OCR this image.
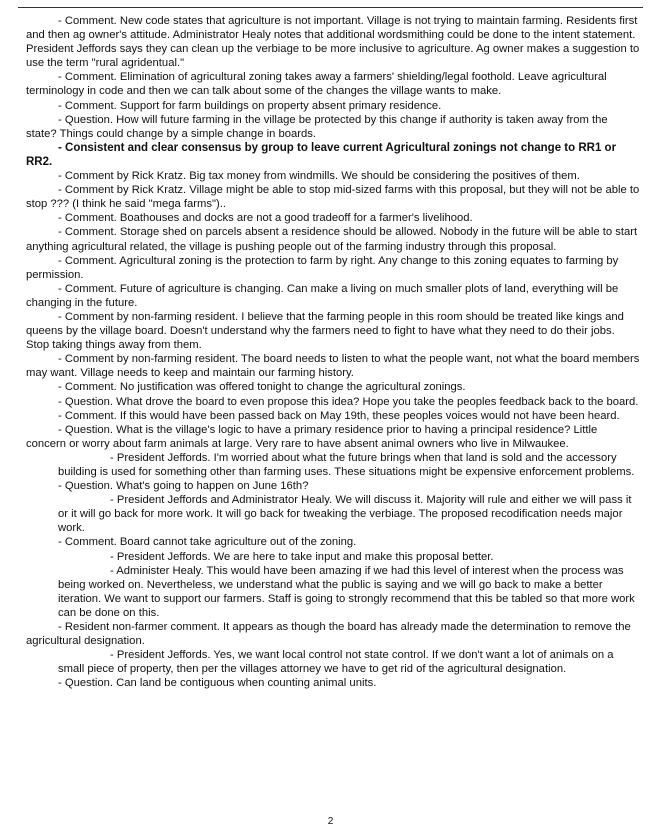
- Comment. New code states that agriculture is not important. Village is not trying to maintain farming. Residents first and then ag owner's attitude. Administrator Healy notes that additional wordsmithing could be done to the intent statement. President Jeffords says they can clean up the verbiage to be more inclusive to agriculture. Ag owner makes a suggestion to use the term "rural agridentual."

- Comment. Elimination of agricultural zoning takes away a farmers' shielding/legal foothold. Leave agricultural terminology in code and then we can talk about some of the changes the village wants to make.

- Comment. Support for farm buildings on property absent primary residence.

- Question. How will future farming in the village be protected by this change if authority is taken away from the state? Things could change by a simple change in boards.

- Consistent and clear consensus by group to leave current Agricultural zonings not change to RR1 or RR2.

- Comment by Rick Kratz. Big tax money from windmills. We should be considering the positives of them.

- Comment by Rick Kratz. Village might be able to stop mid-sized farms with this proposal, but they will not be able to stop ??? (I think he said "mega farms")..

- Comment. Boathouses and docks are not a good tradeoff for a farmer's livelihood.

- Comment. Storage shed on parcels absent a residence should be allowed. Nobody in the future will be able to start anything agricultural related, the village is pushing people out of the farming industry through this proposal.

- Comment. Agricultural zoning is the protection to farm by right. Any change to this zoning equates to farming by permission.

- Comment. Future of agriculture is changing. Can make a living on much smaller plots of land, everything will be changing in the future.

- Comment by non-farming resident. I believe that the farming people in this room should be treated like kings and queens by the village board. Doesn't understand why the farmers need to fight to have what they need to do their jobs. Stop taking things away from them.

- Comment by non-farming resident. The board needs to listen to what the people want, not what the board members may want. Village needs to keep and maintain our farming history.

- Comment. No justification was offered tonight to change the agricultural zonings.

- Question. What drove the board to even propose this idea? Hope you take the peoples feedback back to the board.

- Comment. If this would have been passed back on May 19th, these peoples voices would not have been heard.

- Question. What is the village's logic to have a primary residence prior to having a principal residence? Little concern or worry about farm animals at large. Very rare to have absent animal owners who live in Milwaukee.

- President Jeffords. I'm worried about what the future brings when that land is sold and the accessory building is used for something other than farming uses. These situations might be expensive enforcement problems.

- Question. What's going to happen on June 16th?

- President Jeffords and Administrator Healy. We will discuss it. Majority will rule and either we will pass it or it will go back for more work. It will go back for tweaking the verbiage. The proposed recodification needs major work.

- Comment. Board cannot take agriculture out of the zoning.

- President Jeffords. We are here to take input and make this proposal better.

- Administer Healy. This would have been amazing if we had this level of interest when the process was being worked on. Nevertheless, we understand what the public is saying and we will go back to make a better iteration. We want to support our farmers. Staff is going to strongly recommend that this be tabled so that more work can be done on this.

- Resident non-farmer comment. It appears as though the board has already made the determination to remove the agricultural designation.

- President Jeffords. Yes, we want local control not state control. If we don't want a lot of animals on a small piece of property, then per the villages attorney we have to get rid of the agricultural designation.

- Question. Can land be contiguous when counting animal units.

2
